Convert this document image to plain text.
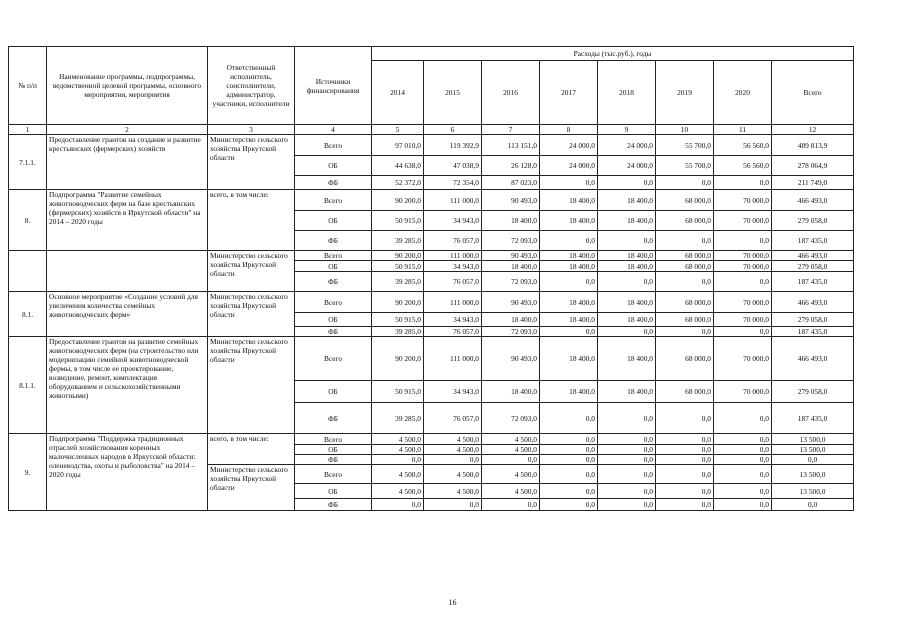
№ п/п	Наименование программы, подпрограммы, ведомственной целевой программы, основного мероприятия, мероприятия	Ответственный исполнитель, соисполнители, администратор, участники, исполнители	Источники финансирования	Расходы (тыс.руб.), годы							
				2014	2015	2016	2017	2018	2019	2020	Всего
1	2	3	4	5	6	7	8	9	10	11	12
7.1.1.	Предоставление грантов на создание и развитие крестьянских (фермерских) хозяйств	Министерство сельского хозяйства Иркутской области	Всего	97 010,0	119 392,9	113 151,0	24 000,0	24 000,0	55 700,0	56 560,0	489 813,9
			ОБ	44 638,0	47 038,9	26 128,0	24 000,0	24 000,0	55 700,0	56 560,0	278 064,9
			ФБ	52 372,0	72 354,0	87 023,0	0,0	0,0	0,0	0,0	211 749,0
8.	Подпрограмма "Развитие семейных животноводческих ферм на базе крестьянских (фермерских) хозяйств в Иркутской области" на 2014 – 2020 годы	всего, в том числе:	Всего	90 200,0	111 000,0	90 493,0	18 400,0	18 400,0	68 000,0	70 000,0	466 493,0
			ОБ	50 915,0	34 943,0	18 400,0	18 400,0	18 400,0	68 000,0	70 000,0	279 058,0
			ФБ	39 285,0	76 057,0	72 093,0	0,0	0,0	0,0	0,0	187 435,0
		Министерство сельского хозяйства Иркутской области	Всего	90 200,0	111 000,0	90 493,0	18 400,0	18 400,0	68 000,0	70 000,0	466 493,0
			ОБ	50 915,0	34 943,0	18 400,0	18 400,0	18 400,0	68 000,0	70 000,0	279 058,0
			ФБ	39 285,0	76 057,0	72 093,0	0,0	0,0	0,0	0,0	187 435,0
8.1.	Основное мероприятие «Создание условий для увеличения количества семейных животноводческих ферм»	Министерство сельского хозяйства Иркутской области	Всего	90 200,0	111 000,0	90 493,0	18 400,0	18 400,0	68 000,0	70 000,0	466 493,0
			ОБ	50 915,0	34 943,0	18 400,0	18 400,0	18 400,0	68 000,0	70 000,0	279 058,0
			ФБ	39 285,0	76 057,0	72 093,0	0,0	0,0	0,0	0,0	187 435,0
8.1.1.	Предоставление грантов на развитие семейных животноводческих ферм (на строительство или модернизацию семейной животноводческой фермы, в том числе ее проектирование, возведение, ремонт, комплектация оборудованием и сельскохозяйственными животными)	Министерство сельского хозяйства Иркутской области	Всего	90 200,0	111 000,0	90 493,0	18 400,0	18 400,0	68 000,0	70 000,0	466 493,0
			ОБ	50 915,0	34 943,0	18 400,0	18 400,0	18 400,0	68 000,0	70 000,0	279 058,0
			ФБ	39 285,0	76 057,0	72 093,0	0,0	0,0	0,0	0,0	187 435,0
9.	Подпрограмма "Поддержка традиционных отраслей хозяйствования коренных малочисленных народов в Иркутской области: оленеводства, охоты и рыболовства" на 2014 – 2020 годы	всего, в том числе:	Всего	4 500,0	4 500,0	4 500,0	0,0	0,0	0,0	0,0	13 500,0
			ОБ	4 500,0	4 500,0	4 500,0	0,0	0,0	0,0	0,0	13 500,0
			ФБ	0,0	0,0	0,0	0,0	0,0	0,0	0,0	0,0
		Министерство сельского хозяйства Иркутской области	Всего	4 500,0	4 500,0	4 500,0	0,0	0,0	0,0	0,0	13 500,0
			ОБ	4 500,0	4 500,0	4 500,0	0,0	0,0	0,0	0,0	13 500,0
			ФБ	0,0	0,0	0,0	0,0	0,0	0,0	0,0	0,0
16
